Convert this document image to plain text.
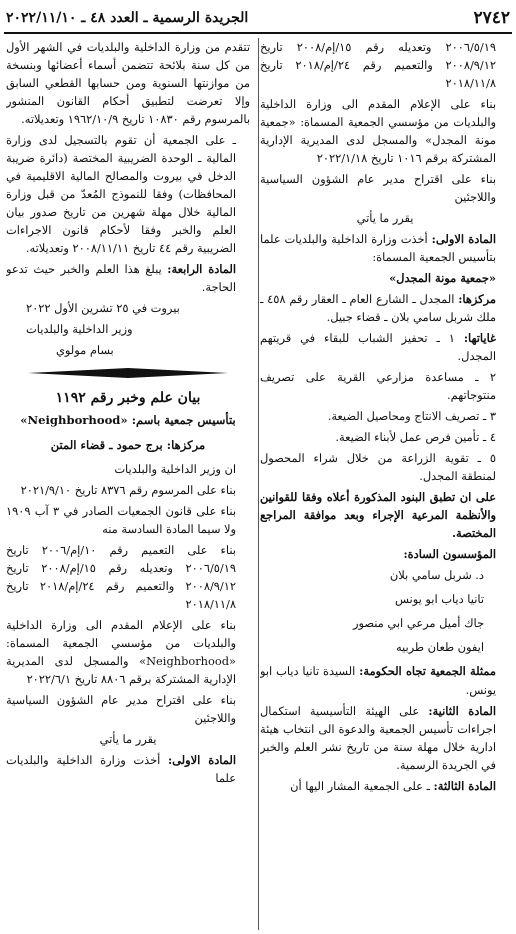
٢٧٤٢
الجريدة الرسمية ـ العدد ٤٨ ـ ٢٠٢٢/١١/١٠

٢٠٠٦/٥/١٩ وتعديله رقم ١٥/إم/٢٠٠٨ تاريخ ٢٠٠٨/٩/١٢ والتعميم رقم ٢٤/إم/٢٠١٨ تاريخ ٢٠١٨/١١/٨

بناء على الإعلام المقدم الى وزارة الداخلية والبلديات من مؤسسي الجمعية المسماة: «جمعية مونة المجدل» والمسجل لدى المديرية الإدارية المشتركة برقم ١٠١٦ تاريخ ٢٠٢٢/١/١٨

بناء على اقتراح مدير عام الشؤون السياسية واللاجئين

يقرر ما يأتي

المادة الاولى: أخذت وزارة الداخلية والبلديات علما بتأسيس الجمعية المسماة:

«جمعية مونة المجدل»

مركزها: المجدل ـ الشارع العام ـ العقار رقم ٤٥٨ ـ ملك شربل سامي بلان ـ قضاء جبيل.

غاياتها: ١ ـ تحفيز الشباب للبقاء في قريتهم المجدل.

٢ ـ مساعدة مزارعي القرية على تصريف منتوجاتهم.

٣ ـ تصريف الانتاج ومحاصيل الضيعة.

٤ ـ تأمين فرص عمل لأبناء الضيعة.

٥ ـ تقوية الزراعة من خلال شراء المحصول لمنطقة المجدل.

على ان تطبق البنود المذكورة أعلاه وفقا للقوانين والأنظمة المرعية الإجراء وبعد موافقة المراجع المختصة.

المؤسسون السادة:

د. شربل سامي بلان

تانيا دياب ابو يونس

جاك أميل مرعي ابي منصور

ايفون طعان طربيه

ممثلة الجمعية تجاه الحكومة: السيدة تانيا دياب ابو يونس.

المادة الثانية: على الهيئة التأسيسية استكمال اجراءات تأسيس الجمعية والدعوة الى انتخاب هيئة ادارية خلال مهلة سنة من تاريخ نشر العلم والخبر في الجريدة الرسمية.

المادة الثالثة: ـ على الجمعية المشار اليها أن

تتقدم من وزارة الداخلية والبلديات في الشهر الأول من كل سنة بلائحة تتضمن أسماء أعضائها وبنسخة من موازنتها السنوية ومن حسابها القطعي السابق وإلا تعرضت لتطبيق أحكام القانون المنشور بالمرسوم رقم ١٠٨٣٠ تاريخ ١٩٦٢/١٠/٩ وتعديلاته.

ـ على الجمعية أن تقوم بالتسجيل لدى وزارة المالية ـ الوحدة الضريبية المختصة (دائرة ضريبة الدخل في بيروت والمصالح المالية الاقليمية في المحافظات) وفقا للنموذج المُعدّ من قبل وزارة المالية خلال مهلة شهرين من تاريخ صدور بيان العلم والخبر وفقا لأحكام قانون الاجراءات الضريبية رقم ٤٤ تاريخ ٢٠٠٨/١١/١١ وتعديلاته.

المادة الرابعة: يبلغ هذا العلم والخبر حيث تدعو الحاجة.

بيروت في ٢٥ تشرين الأول ٢٠٢٢

وزير الداخلية والبلديات

بسام مولوي

بيان علم وخبر رقم ١١٩٢

بتأسيس جمعية باسم: «Neighborhood»

مركزها: برج حمود ـ قضاء المتن

ان وزير الداخلية والبلديات

بناء على المرسوم رقم ٨٣٧٦ تاريخ ٢٠٢١/٩/١٠

بناء على قانون الجمعيات الصادر في ٣ آب ١٩٠٩ ولا سيما المادة السادسة منه

بناء على التعميم رقم ١٠/إم/٢٠٠٦ تاريخ ٢٠٠٦/٥/١٩ وتعديله رقم ١٥/إم/٢٠٠٨ تاريخ ٢٠٠٨/٩/١٢ والتعميم رقم ٢٤/إم/٢٠١٨ تاريخ ٢٠١٨/١١/٨

بناء على الإعلام المقدم الى وزارة الداخلية والبلديات من مؤسسي الجمعية المسماة: «Neighborhood» والمسجل لدى المديرية الإدارية المشتركة برقم ٨٨٠٦ تاريخ ٢٠٢٢/٦/١

بناء على اقتراح مدير عام الشؤون السياسية واللاجئين

يقرر ما يأتي

المادة الاولى: أخذت وزارة الداخلية والبلديات علما
